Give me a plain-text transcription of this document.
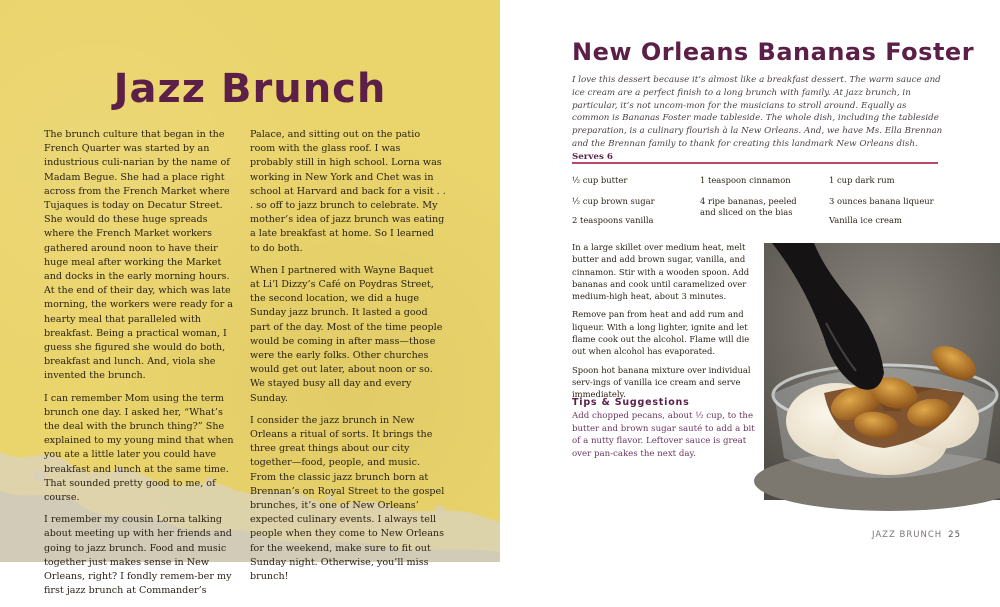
Jazz Brunch

The brunch culture that began in the French Quarter was started by an industrious culi-narian by the name of Madam Begue. She had a place right across from the French Market where Tujaques is today on Decatur Street. She would do these huge spreads where the French Market workers gathered around noon to have their huge meal after working the Market and docks in the early morning hours. At the end of their day, which was late morning, the workers were ready for a hearty meal that paralleled with breakfast. Being a practical woman, I guess she figured she would do both, breakfast and lunch. And, viola she invented the brunch.

I can remember Mom using the term brunch one day. I asked her, “What’s the deal with the brunch thing?” She explained to my young mind that when you ate a little later you could have breakfast and lunch at the same time. That sounded pretty good to me, of course.

I remember my cousin Lorna talking about meeting up with her friends and going to jazz brunch. Food and music together just makes sense in New Orleans, right? I fondly remem-ber my first jazz brunch at Commander’s

Palace, and sitting out on the patio room with the glass roof. I was probably still in high school. Lorna was working in New York and Chet was in school at Harvard and back for a visit . . . so off to jazz brunch to celebrate. My mother’s idea of jazz brunch was eating a late breakfast at home. So I learned to do both.

When I partnered with Wayne Baquet at Li’l Dizzy’s Café on Poydras Street, the second location, we did a huge Sunday jazz brunch. It lasted a good part of the day. Most of the time people would be coming in after mass—those were the early folks. Other churches would get out later, about noon or so. We stayed busy all day and every Sunday.

I consider the jazz brunch in New Orleans a ritual of sorts. It brings the three great things about our city together—food, people, and music. From the classic jazz brunch born at Brennan’s on Royal Street to the gospel brunches, it’s one of New Orleans’ expected culinary events. I always tell people when they come to New Orleans for the weekend, make sure to fit out Sunday night. Otherwise, you’ll miss brunch!

New Orleans Bananas Foster

I love this dessert because it’s almost like a breakfast dessert. The warm sauce and ice cream are a perfect finish to a long brunch with family. At jazz brunch, in particular, it’s not uncom-mon for the musicians to stroll around. Equally as common is Bananas Foster made tableside. The whole dish, including the tableside preparation, is a culinary flourish à la New Orleans. And, we have Ms. Ella Brennan and the Brennan family to thank for creating this landmark New Orleans dish. Serves 6

½ cup butter
½ cup brown sugar
2 teaspoons vanilla
1 teaspoon cinnamon
4 ripe bananas, peeled and sliced on the bias
1 cup dark rum
3 ounces banana liqueur
Vanilla ice cream

In a large skillet over medium heat, melt butter and add brown sugar, vanilla, and cinnamon. Stir with a wooden spoon. Add bananas and cook until caramelized over medium-high heat, about 3 minutes.

Remove pan from heat and add rum and liqueur. With a long lighter, ignite and let flame cook out the alcohol. Flame will die out when alcohol has evaporated.

Spoon hot banana mixture over individual serv-ings of vanilla ice cream and serve immediately.

Tips & Suggestions

Add chopped pecans, about ½ cup, to the butter and brown sugar sauté to add a bit of a nutty flavor. Leftover sauce is great over pan-cakes the next day.

JAZZ BRUNCH 25
